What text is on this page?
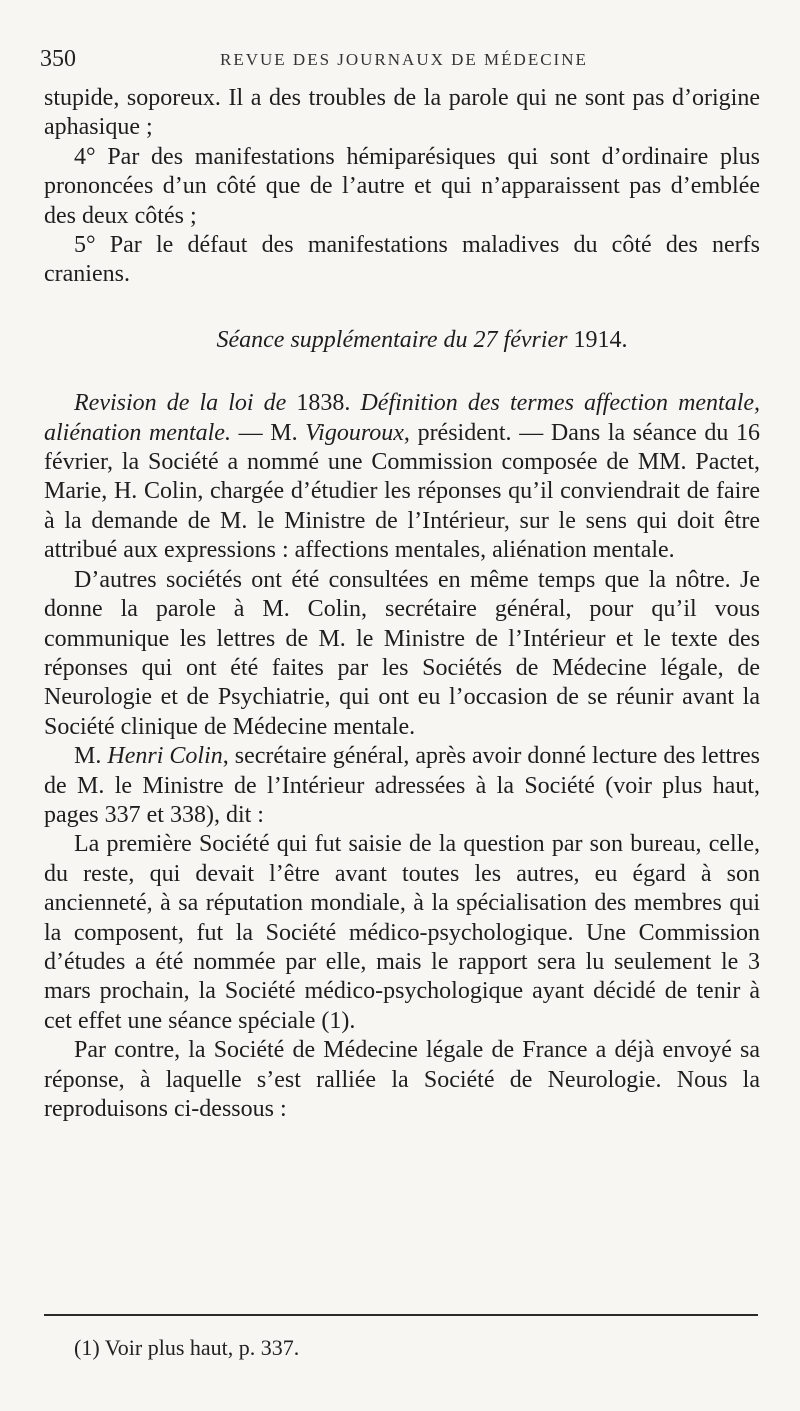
350	REVUE DES JOURNAUX DE MÉDECINE

stupide, soporeux. Il a des troubles de la parole qui ne sont pas d’origine aphasique ;

4° Par des manifestations hémiparésiques qui sont d’ordinaire plus prononcées d’un côté que de l’autre et qui n’apparaissent pas d’emblée des deux côtés ;

5° Par le défaut des manifestations maladives du côté des nerfs craniens.

Séance supplémentaire du 27 février 1914.

Revision de la loi de 1838. Définition des termes affection mentale, aliénation mentale. — M. Vigouroux, président. — Dans la séance du 16 février, la Société a nommé une Commission composée de MM. Pactet, Marie, H. Colin, chargée d’étudier les réponses qu’il conviendrait de faire à la demande de M. le Ministre de l’Intérieur, sur le sens qui doit être attribué aux expressions : affections mentales, aliénation mentale.

D’autres sociétés ont été consultées en même temps que la nôtre. Je donne la parole à M. Colin, secrétaire général, pour qu’il vous communique les lettres de M. le Ministre de l’Intérieur et le texte des réponses qui ont été faites par les Sociétés de Médecine légale, de Neurologie et de Psychiatrie, qui ont eu l’occasion de se réunir avant la Société clinique de Médecine mentale.

M. Henri Colin, secrétaire général, après avoir donné lecture des lettres de M. le Ministre de l’Intérieur adressées à la Société (voir plus haut, pages 337 et 338), dit :

La première Société qui fut saisie de la question par son bureau, celle, du reste, qui devait l’être avant toutes les autres, eu égard à son ancienneté, à sa réputation mondiale, à la spécialisation des membres qui la composent, fut la Société médico-psychologique. Une Commission d’études a été nommée par elle, mais le rapport sera lu seulement le 3 mars prochain, la Société médico-psychologique ayant décidé de tenir à cet effet une séance spéciale (1).

Par contre, la Société de Médecine légale de France a déjà envoyé sa réponse, à laquelle s’est ralliée la Société de Neurologie. Nous la reproduisons ci-dessous :

(1) Voir plus haut, p. 337.
